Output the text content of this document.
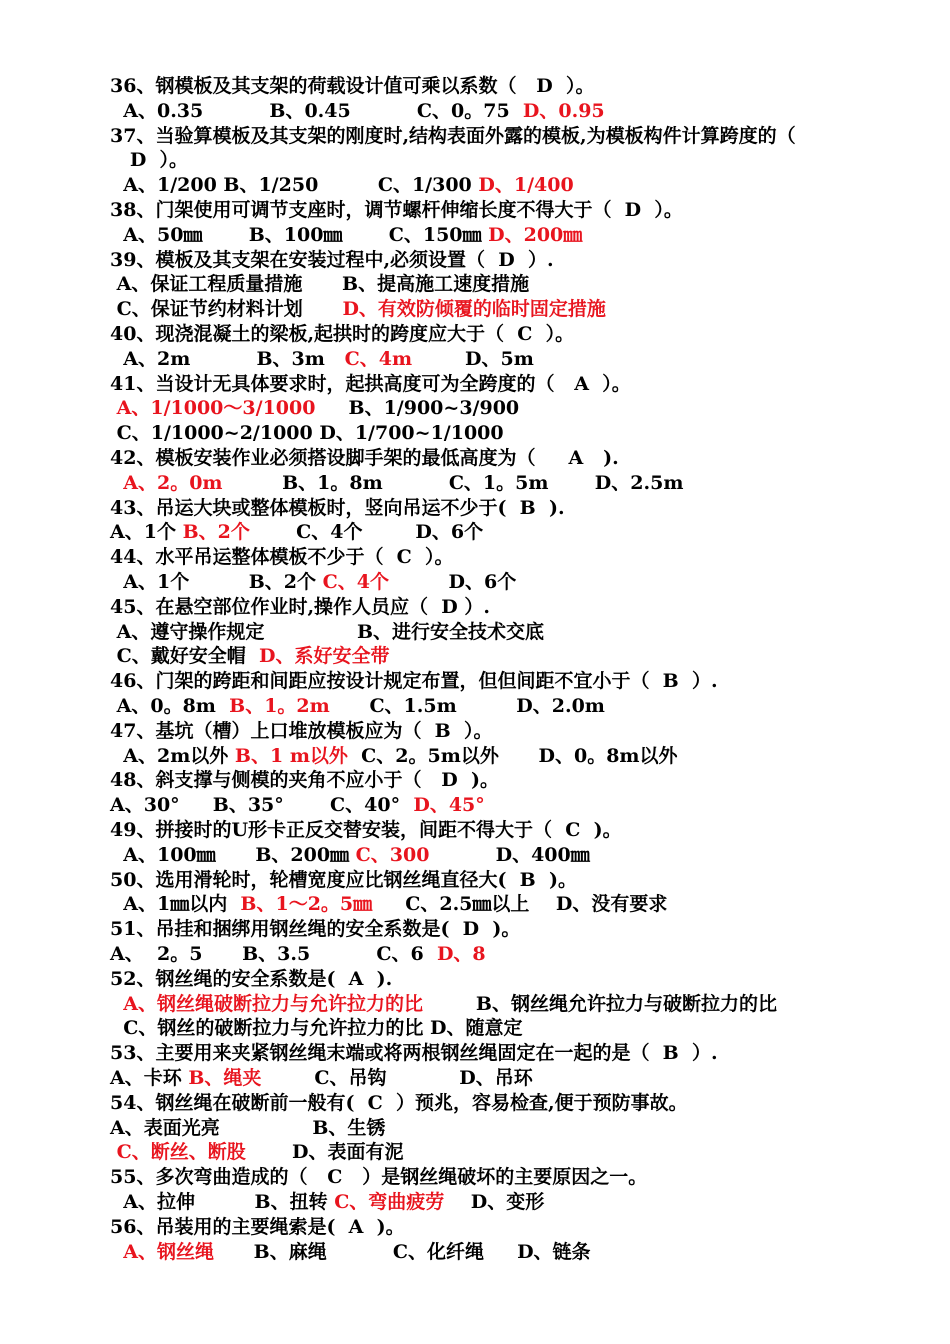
36、钢模板及其支架的荷载设计值可乘以系数（   D  ）。
A、0.35          B、0.45          C、0。75  D、0.95
37、当验算模板及其支架的刚度时,结构表面外露的模板,为模板构件计算跨度的（
D  ）。
A、1/200 B、1/250         C、1/300 D、1/400
38、门架使用可调节支座时，调节螺杆伸缩长度不得大于（  D  ）。
A、50㎜       B、100㎜       C、150㎜ D、200㎜
39、模板及其支架在安装过程中,必须设置（  D  ）.
A、保证工程质量措施      B、提高施工速度措施
C、保证节约材料计划      D、有效防倾覆的临时固定措施
40、现浇混凝土的梁板,起拱时的跨度应大于（  C  ）。
A、2m          B、3m   C、4m        D、5m
41、当设计无具体要求时，起拱高度可为全跨度的（   A  ）。
A、1/1000～3/1000     B、1/900~3/900
C、1/1000~2/1000 D、1/700~1/1000
42、模板安装作业必须搭设脚手架的最低高度为（     A   ).
A、2。0m         B、1。8m          C、1。5m       D、2.5m
43、吊运大块或整体模板时，竖向吊运不少于(  B  ).
A、1个 B、2个       C、4个        D、6个
44、水平吊运整体模板不少于（  C  ）。
A、1个         B、2个 C、4个         D、6个
45、在悬空部位作业时,操作人员应（  D ）.
A、遵守操作规定              B、进行安全技术交底
C、戴好安全帽  D、系好安全带
46、门架的跨距和间距应按设计规定布置，但但间距不宜小于（  B  ）.
A、0。8m  B、1。2m      C、1.5m         D、2.0m
47、基坑（槽）上口堆放模板应为（  B  ）。
A、2m以外 B、1 m以外  C、2。5m以外      D、0。8m以外
48、斜支撑与侧模的夹角不应小于（   D  )。
A、30°     B、35°       C、40°  D、45°
49、拼接时的U形卡正反交替安装，间距不得大于（  C  )。
A、100㎜      B、200㎜ C、300          D、400㎜
50、选用滑轮时，轮槽宽度应比钢丝绳直径大(  B  )。
A、1㎜以内  B、1～2。5㎜     C、2.5㎜以上    D、没有要求
51、吊挂和捆绑用钢丝绳的安全系数是(  D  )。
A、  2。5      B、3.5          C、6  D、8
52、钢丝绳的安全系数是(  A  ).
A、钢丝绳破断拉力与允许拉力的比        B、钢丝绳允许拉力与破断拉力的比
C、钢丝的破断拉力与允许拉力的比 D、随意定
53、主要用来夹紧钢丝绳末端或将两根钢丝绳固定在一起的是（  B  ）.
A、卡环 B、绳夹        C、吊钩           D、吊环
54、钢丝绳在破断前一般有(  C  ）预兆，容易检查,便于预防事故。
A、表面光亮              B、生锈
C、断丝、断股       D、表面有泥
55、多次弯曲造成的（   C   ）是钢丝绳破坏的主要原因之一。
A、拉伸         B、扭转 C、弯曲疲劳    D、变形
56、吊装用的主要绳索是(  A  )。
A、钢丝绳      B、麻绳          C、化纤绳     D、链条
